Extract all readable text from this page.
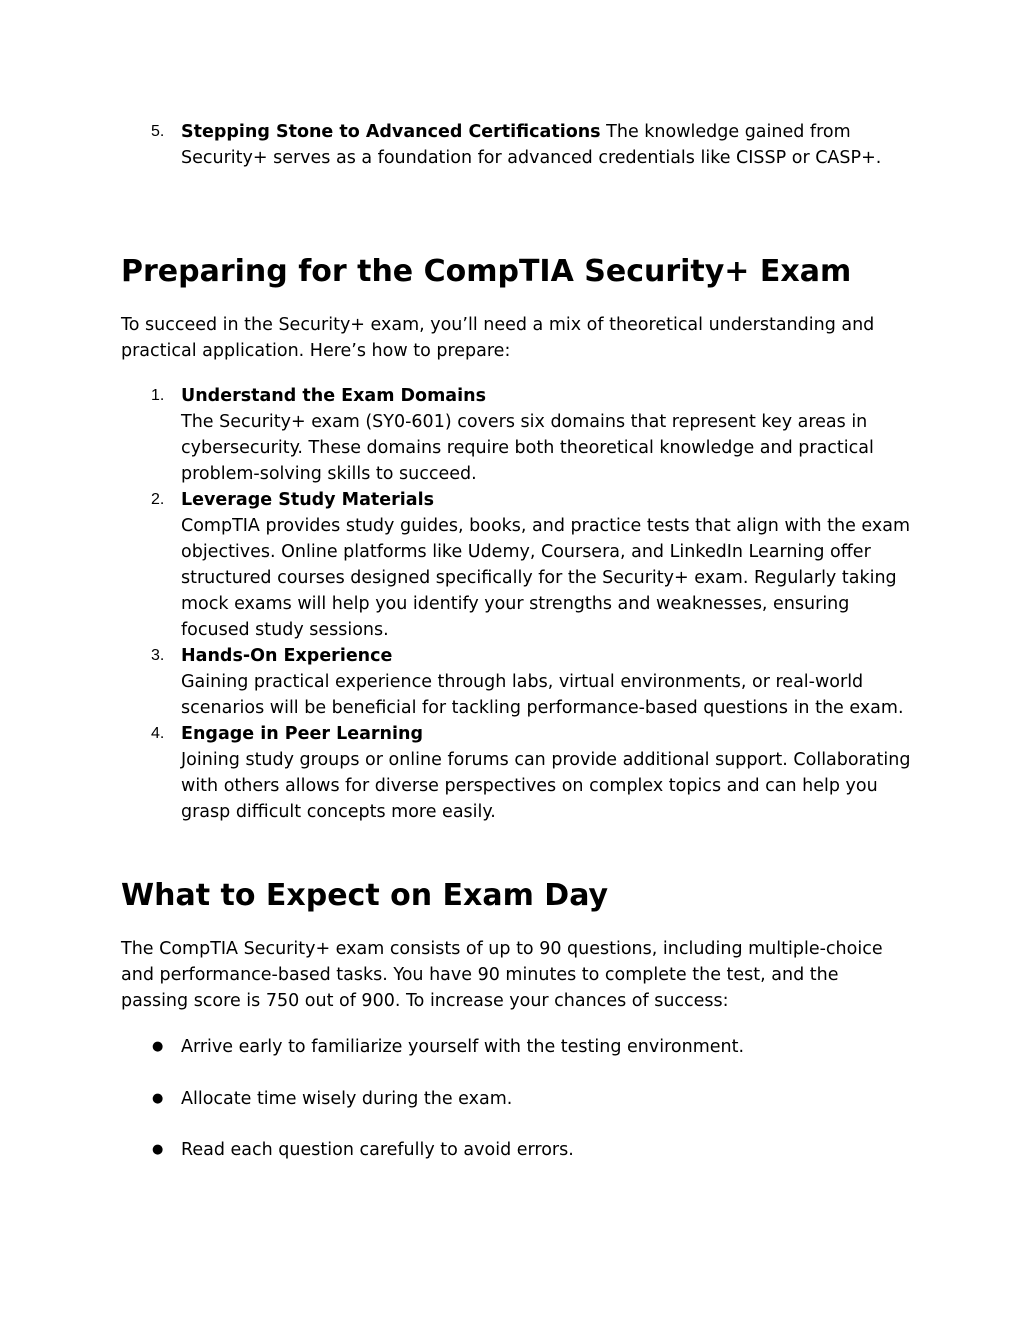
5. Stepping Stone to Advanced Certifications The knowledge gained from Security+ serves as a foundation for advanced credentials like CISSP or CASP+.

Preparing for the CompTIA Security+ Exam

To succeed in the Security+ exam, you’ll need a mix of theoretical understanding and practical application. Here’s how to prepare:

1. Understand the Exam Domains
The Security+ exam (SY0-601) covers six domains that represent key areas in cybersecurity. These domains require both theoretical knowledge and practical problem-solving skills to succeed.
2. Leverage Study Materials
CompTIA provides study guides, books, and practice tests that align with the exam objectives. Online platforms like Udemy, Coursera, and LinkedIn Learning offer structured courses designed specifically for the Security+ exam. Regularly taking mock exams will help you identify your strengths and weaknesses, ensuring focused study sessions.
3. Hands-On Experience
Gaining practical experience through labs, virtual environments, or real-world scenarios will be beneficial for tackling performance-based questions in the exam.
4. Engage in Peer Learning
Joining study groups or online forums can provide additional support. Collaborating with others allows for diverse perspectives on complex topics and can help you grasp difficult concepts more easily.
What to Expect on Exam Day

The CompTIA Security+ exam consists of up to 90 questions, including multiple-choice and performance-based tasks. You have 90 minutes to complete the test, and the passing score is 750 out of 900. To increase your chances of success:

● Arrive early to familiarize yourself with the testing environment.

● Allocate time wisely during the exam.

● Read each question carefully to avoid errors.
